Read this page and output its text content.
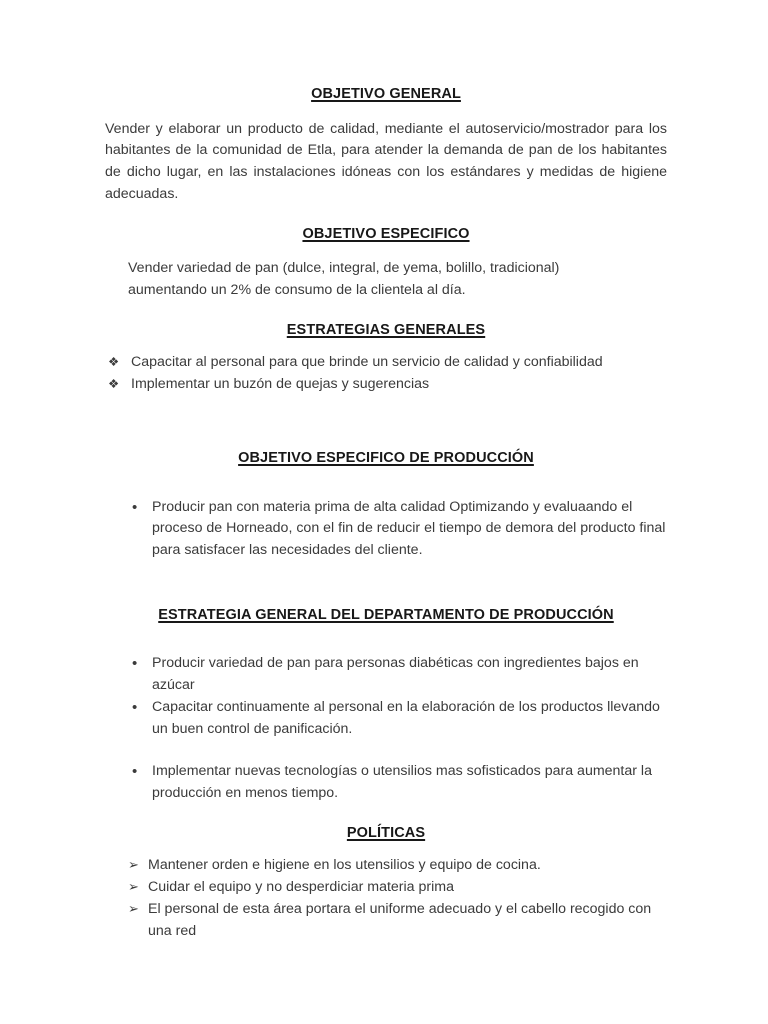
OBJETIVO GENERAL

Vender y elaborar un producto de calidad, mediante el autoservicio/mostrador para los habitantes de la comunidad de Etla, para atender la demanda de pan de los habitantes de dicho lugar, en las instalaciones idóneas con los estándares y medidas de higiene adecuadas.

OBJETIVO ESPECIFICO

Vender variedad de pan (dulce, integral, de yema, bolillo, tradicional) aumentando un 2% de consumo de la clientela al día.

ESTRATEGIAS GENERALES
❖ Capacitar al personal para que brinde un servicio de calidad y confiabilidad
❖ Implementar un buzón de quejas y sugerencias
OBJETIVO ESPECIFICO DE PRODUCCIÓN
• Producir pan con materia prima de alta calidad Optimizando y evaluaando el proceso de Horneado, con el fin de reducir el tiempo de demora del producto final para satisfacer las necesidades del cliente.
ESTRATEGIA GENERAL DEL DEPARTAMENTO DE PRODUCCIÓN
• Producir variedad de pan para personas diabéticas con ingredientes bajos en azúcar
• Capacitar continuamente al personal en la elaboración de los productos llevando un buen control de panificación.
• Implementar nuevas tecnologías o utensilios mas sofisticados para aumentar la producción en menos tiempo.
POLÍTICAS
➢ Mantener orden e higiene en los utensilios y equipo de cocina.
➢ Cuidar el equipo y no desperdiciar materia prima
➢ El personal de esta área portara el uniforme adecuado y el cabello recogido con una red
